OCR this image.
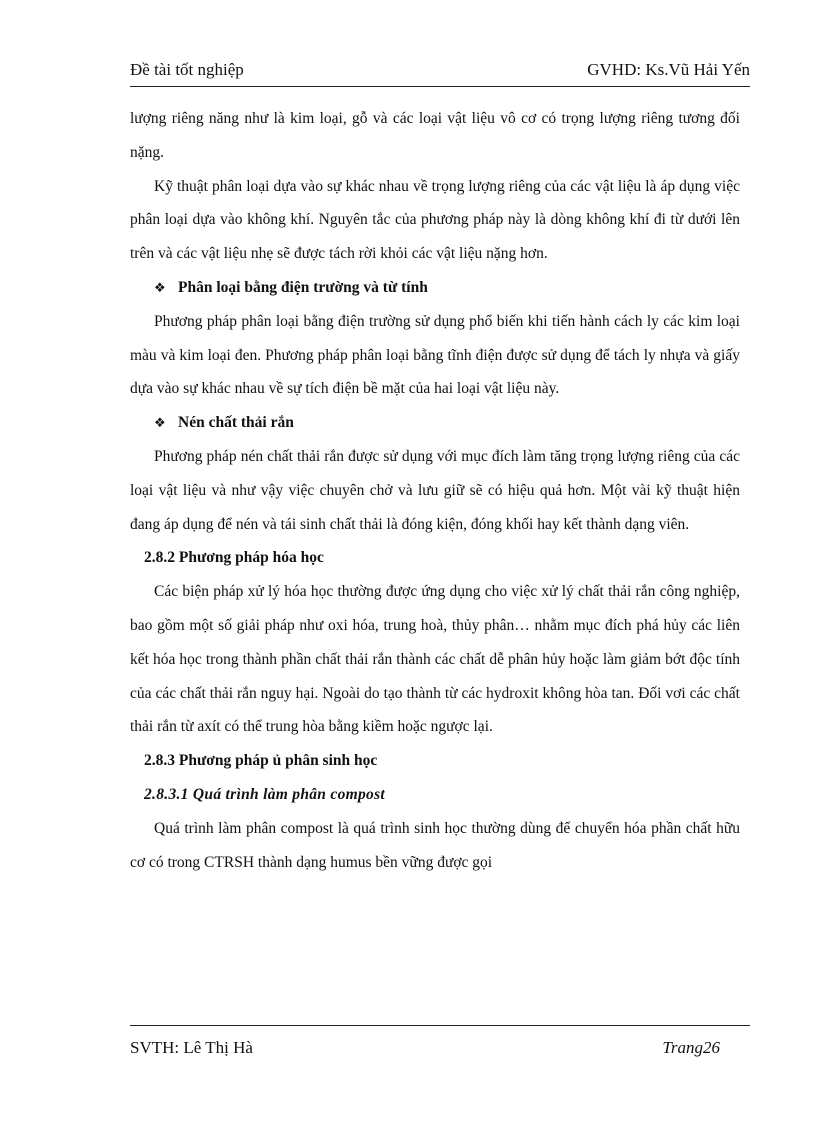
Đề tài tốt nghiệp	GVHD: Ks.Vũ Hải Yến

lượng riêng năng như là kim loại, gỗ và các loại vật liệu vô cơ có trọng lượng riêng tương đối nặng.

Kỹ thuật phân loại dựa vào sự khác nhau về trọng lượng riêng của các vật liệu là áp dụng việc phân loại dựa vào không khí. Nguyên tắc của phương pháp này là dòng không khí đi từ dưới lên trên và các vật liệu nhẹ sẽ được tách rời khỏi các vật liệu nặng hơn.

❖ Phân loại bằng điện trường và từ tính

Phương pháp phân loại bằng điện trường sử dụng phổ biến khi tiến hành cách ly các kim loại màu và kim loại đen. Phương pháp phân loại bằng tĩnh điện được sử dụng để tách ly nhựa và giấy dựa vào sự khác nhau về sự tích điện bề mặt của hai loại vật liệu này.

❖ Nén chất thải rắn

Phương pháp nén chất thải rắn được sử dụng với mục đích làm tăng trọng lượng riêng của các loại vật liệu và như vậy việc chuyên chở và lưu giữ sẽ có hiệu quả hơn. Một vài kỹ thuật hiện đang áp dụng để nén và tái sinh chất thải là đóng kiện, đóng khối hay kết thành dạng viên.

2.8.2 Phương pháp hóa học

Các biện pháp xử lý hóa học thường được ứng dụng cho việc xử lý chất thải rắn công nghiệp, bao gồm một số giải pháp như oxi hóa, trung hoà, thủy phân… nhằm mục đích phá hủy các liên kết hóa học trong thành phần chất thải rắn thành các chất dễ phân hủy hoặc làm giảm bớt độc tính của các chất thải rắn nguy hại. Ngoài do tạo thành từ các hydroxit không hòa tan. Đối vơi các chất thải rắn từ axít có thể trung hòa bằng kiềm hoặc ngược lại.

2.8.3 Phương pháp ủ phân sinh học
2.8.3.1 Quá trình làm phân compost

Quá trình làm phân compost là quá trình sinh học thường dùng để chuyển hóa phần chất hữu cơ có trong CTRSH thành dạng humus bền vững được gọi

SVTH: Lê Thị Hà	Trang26
